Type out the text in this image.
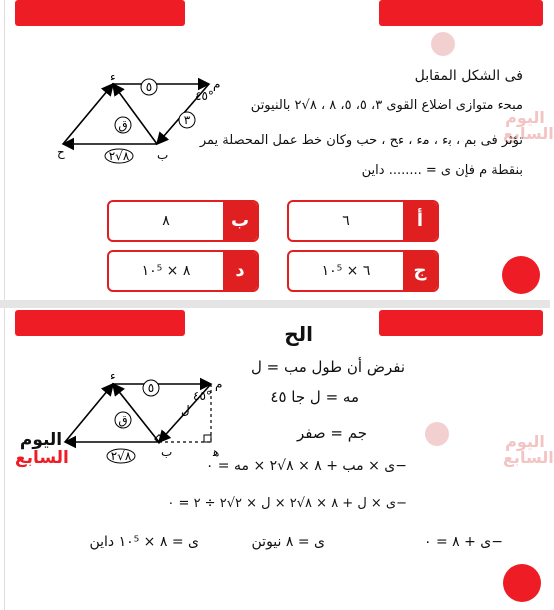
اليوم
السابع
٥
٣
ق
٨√٢
٤٥°
ء	م
ب
ح
فى الشكل المقابل
م‍ب‍ح‍ء متوازى اضلاع القوى ٣، ٥، ٥، ٨ ، ٨√٢ بالنيوتن
تؤثر فى ب‍م ، ب‍ء ، م‍ء ، ء‍ح ، ح‍ب وكان خط عمل المحصلة يمر
بنقطة م فإن ى = ........ داين
أ
٦
ب
٨
ج
٦ × ١٠⁵
د
٨ × ١٠⁵
اليوم
السابع
اليوم
السابع
٥
ق
٨√٢
ل
٤٥°
ء
م
ب	ه‍
الح
نفرض أن طول م‍ب = ل
م‍ه = ل جا ٤٥
ج‍م = صفر
−ى × م‍ب + ٨ × ٨√٢ × م‍ه = ٠
−ى × ل + ٨ × ٨√٢ × ل × ٢√٢ ÷ ٢ = ٠
−ى + ٨ = ٠
ى = ٨ نيوتن
ى = ٨ × ١٠⁵ داين
